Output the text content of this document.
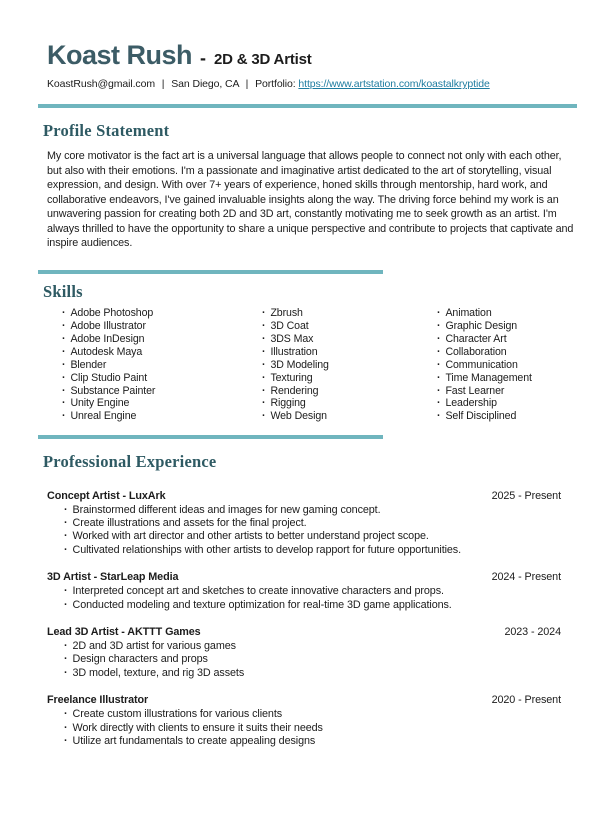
Koast Rush - 2D & 3D Artist
KoastRush@gmail.com | San Diego, CA | Portfolio: https://www.artstation.com/koastalkryptide
Profile Statement

My core motivator is the fact art is a universal language that allows people to connect not only with each other, but also with their emotions. I'm a passionate and imaginative artist dedicated to the art of storytelling, visual expression, and design. With over 7+ years of experience, honed skills through mentorship, hard work, and collaborative endeavors, I've gained invaluable insights along the way. The driving force behind my work is an unwavering passion for creating both 2D and 3D art, constantly motivating me to seek growth as an artist. I'm always thrilled to have the opportunity to share a unique perspective and contribute to projects that captivate and inspire audiences.

Skills
· Adobe Photoshop
· Adobe Illustrator
· Adobe InDesign
· Autodesk Maya
· Blender
· Clip Studio Paint
· Substance Painter
· Unity Engine
· Unreal Engine
· Zbrush
· 3D Coat
· 3DS Max
· Illustration
· 3D Modeling
· Texturing
· Rendering
· Rigging
· Web Design
· Animation
· Graphic Design
· Character Art
· Collaboration
· Communication
· Time Management
· Fast Learner
· Leadership
· Self Disciplined
Professional Experience
Concept Artist - LuxArk	2025 - Present
· Brainstormed different ideas and images for new gaming concept.
· Create illustrations and assets for the final project.
· Worked with art director and other artists to better understand project scope.
· Cultivated relationships with other artists to develop rapport for future opportunities.
3D Artist - StarLeap Media	2024 - Present
· Interpreted concept art and sketches to create innovative characters and props.
· Conducted modeling and texture optimization for real-time 3D game applications.
Lead 3D Artist - AKTTT Games	2023 - 2024
· 2D and 3D artist for various games
· Design characters and props
· 3D model, texture, and rig 3D assets
Freelance Illustrator	2020 - Present
· Create custom illustrations for various clients
· Work directly with clients to ensure it suits their needs
· Utilize art fundamentals to create appealing designs
